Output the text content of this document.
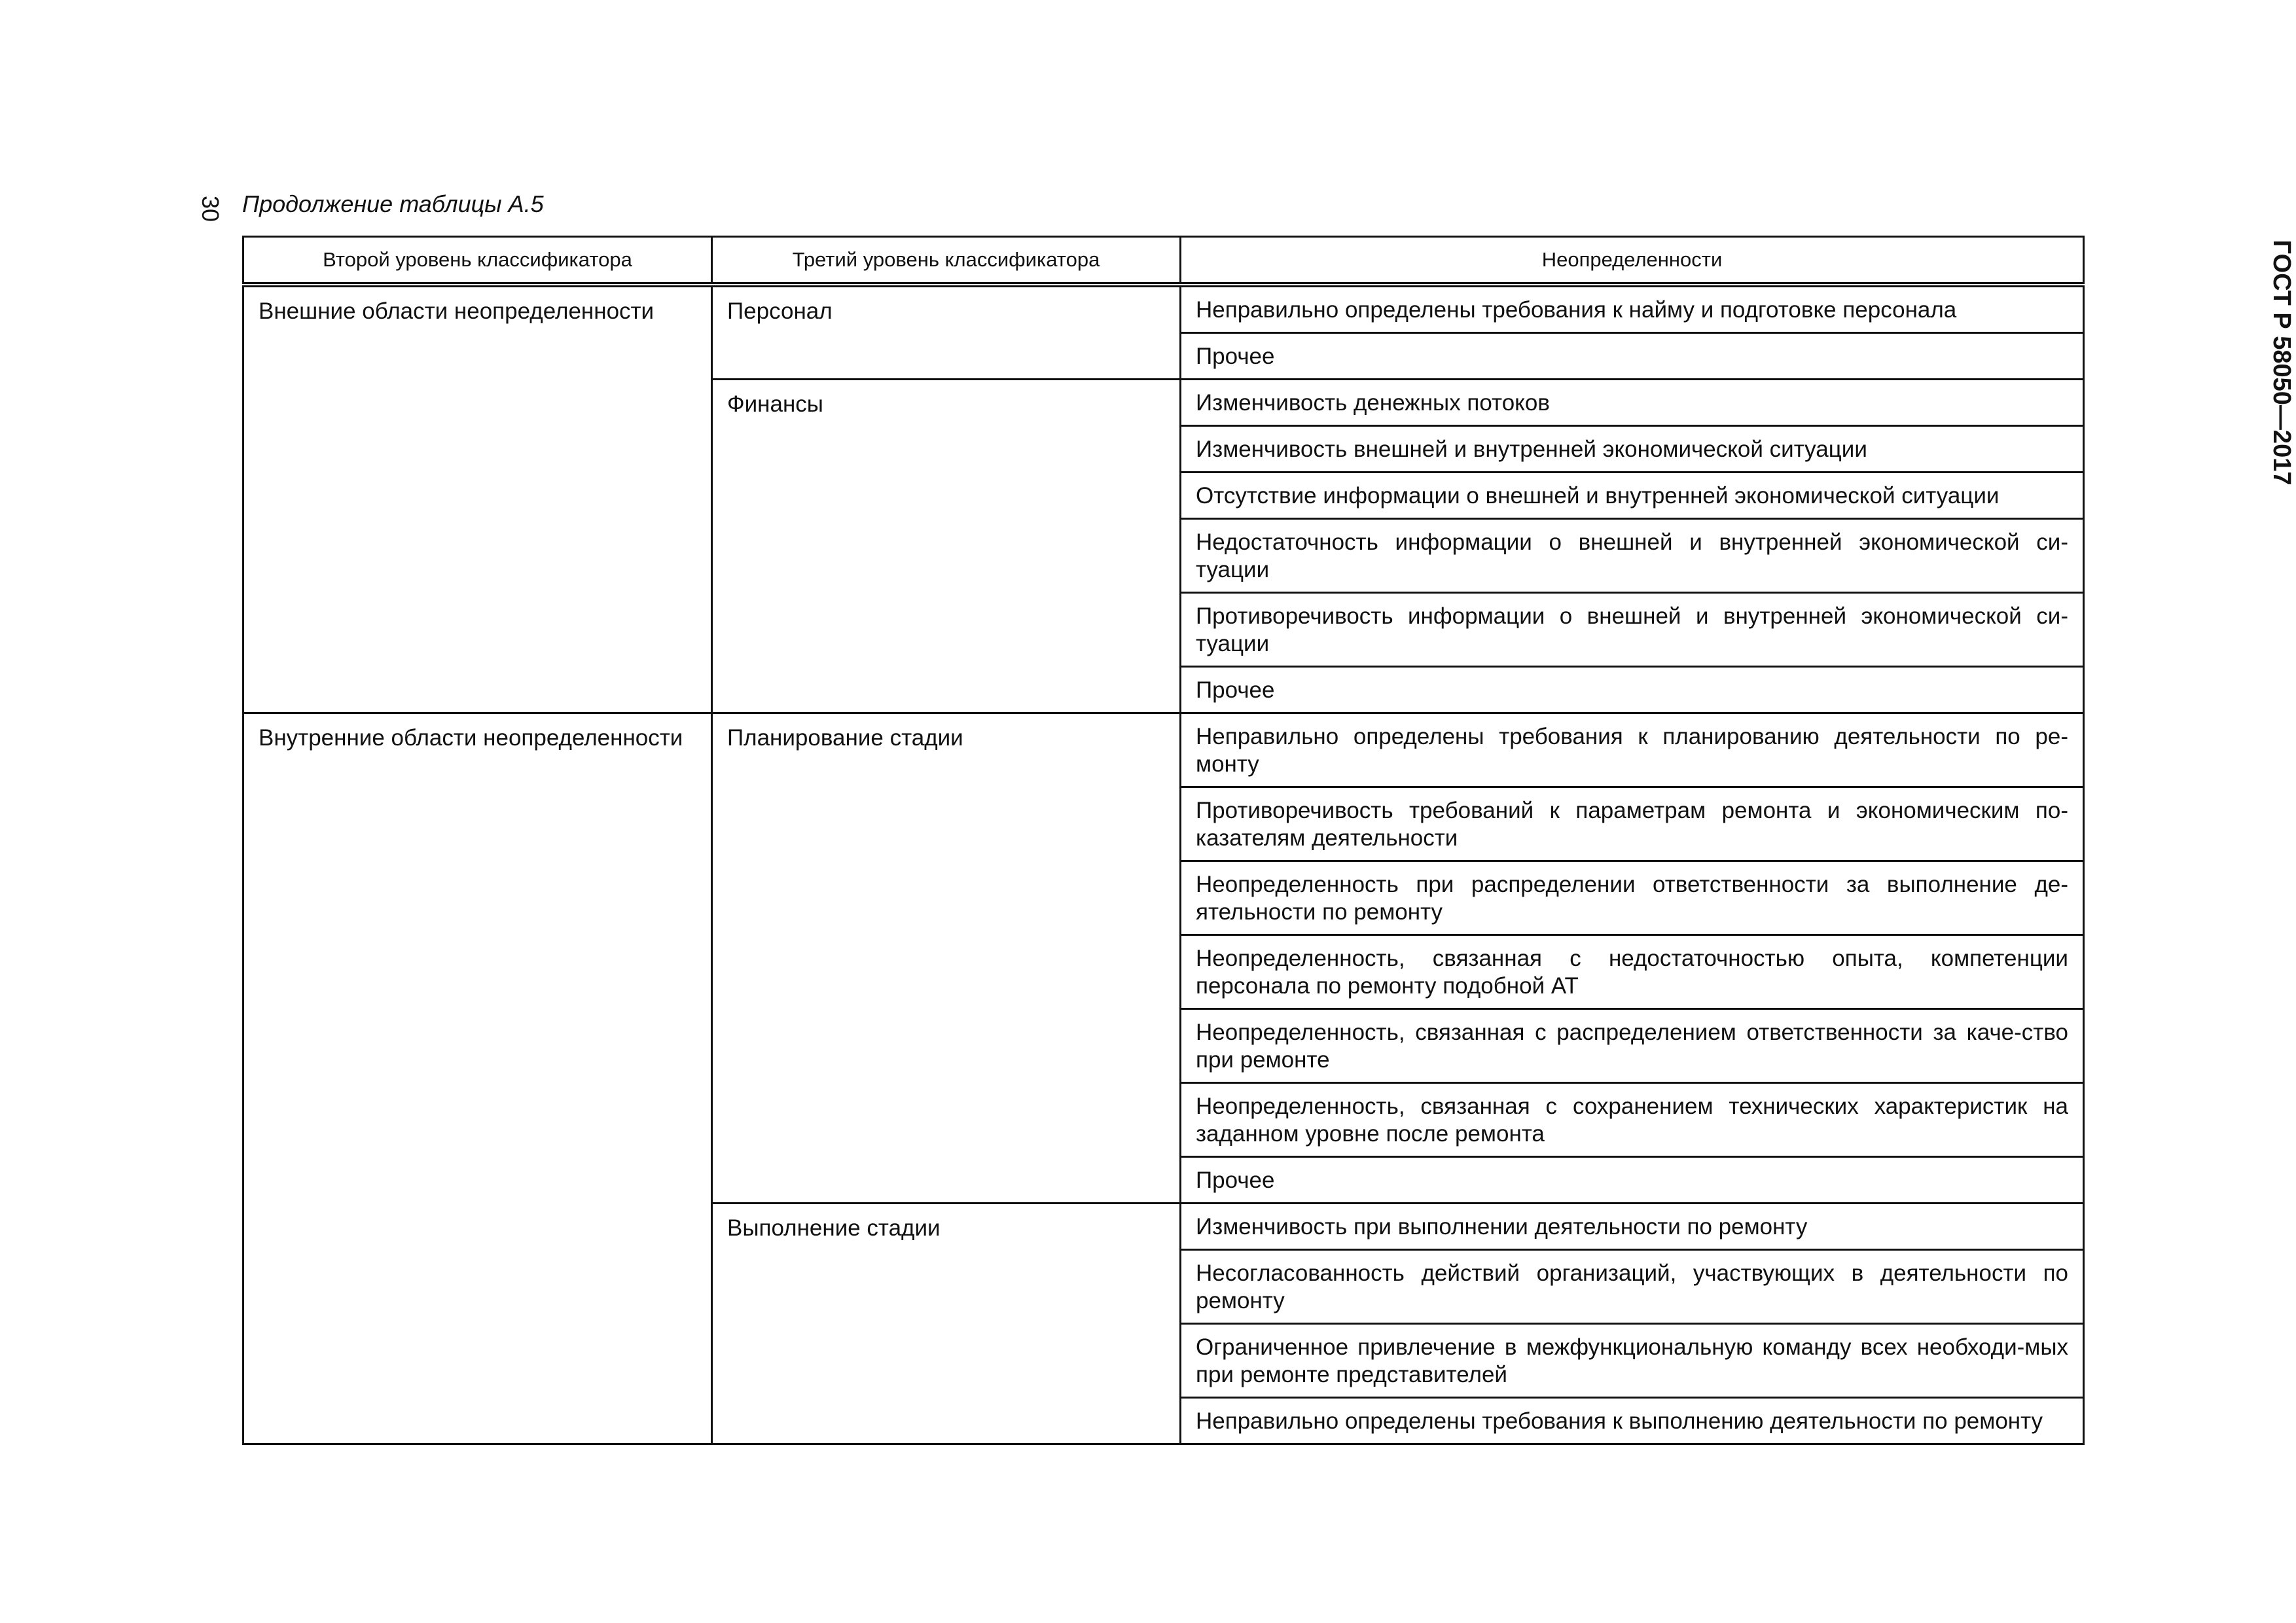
30 Продолжение таблицы А.5
ГОСТ Р 58050—2017
Второй уровень классификатора	Третий уровень классификатора	Неопределенности
Внешние области неопределенности	Персонал	Неправильно определены требования к найму и подготовке персонала
		Прочее
	Финансы	Изменчивость денежных потоков
		Изменчивость внешней и внутренней экономической ситуации
		Отсутствие информации о внешней и внутренней экономической ситуации
		Недостаточность информации о внешней и внутренней экономической си-туации
		Противоречивость информации о внешней и внутренней экономической си-туации
		Прочее
Внутренние области неопределенности	Планирование стадии	Неправильно определены требования к планированию деятельности по ре-монту
		Противоречивость требований к параметрам ремонта и экономическим по-казателям деятельности
		Неопределенность при распределении ответственности за выполнение де-ятельности по ремонту
		Неопределенность, связанная с недостаточностью опыта, компетенции персонала по ремонту подобной АТ
		Неопределенность, связанная с распределением ответственности за каче-ство при ремонте
		Неопределенность, связанная с сохранением технических характеристик на заданном уровне после ремонта
		Прочее
	Выполнение стадии	Изменчивость при выполнении деятельности по ремонту
		Несогласованность действий организаций, участвующих в деятельности по ремонту
		Ограниченное привлечение в межфункциональную команду всех необходи-мых при ремонте представителей
		Неправильно определены требования к выполнению деятельности по ремонту
